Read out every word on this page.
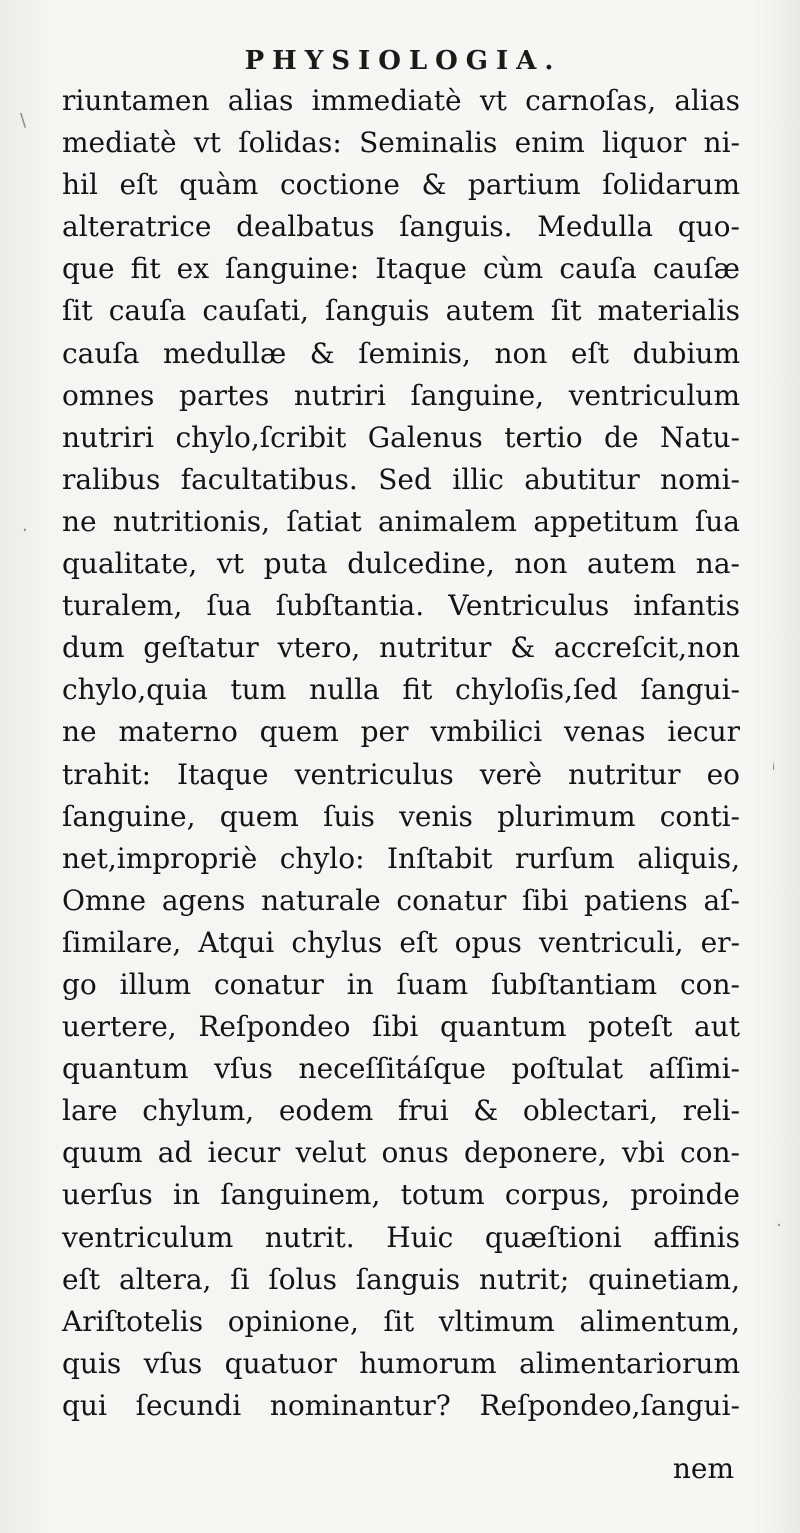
PHYSIOLOGIA.
riuntamen alias immediatè vt carnoſas, alias
mediatè vt ſolidas: Seminalis enim liquor ni-
hil eſt quàm coctione & partium ſolidarum
alteratrice dealbatus ſanguis. Medulla quo-
que fit ex ſanguine: Itaque cùm cauſa cauſæ
ſit cauſa cauſati, ſanguis autem ſit materialis
cauſa medullæ & ſeminis, non eſt dubium
omnes partes nutriri ſanguine, ventriculum
nutriri chylo,ſcribit Galenus tertio de Natu-
ralibus facultatibus. Sed illic abutitur nomi-
ne nutritionis, ſatiat animalem appetitum ſua
qualitate, vt puta dulcedine, non autem na-
turalem, ſua ſubſtantia. Ventriculus infantis
dum geſtatur vtero, nutritur & accreſcit,non
chylo,quia tum nulla fit chyloſis,ſed ſangui-
ne materno quem per vmbilici venas iecur
trahit: Itaque ventriculus verè nutritur eo
ſanguine, quem ſuis venis plurimum conti-
net,impropriè chylo: Inſtabit rurſum aliquis,
Omne agens naturale conatur ſibi patiens aſ-
ſimilare, Atqui chylus eſt opus ventriculi, er-
go illum conatur in ſuam ſubſtantiam con-
uertere, Reſpondeo ſibi quantum poteſt aut
quantum vſus neceſſitáſque poſtulat aſſimi-
lare chylum, eodem frui & oblectari, reli-
quum ad iecur velut onus deponere, vbi con-
uerſus in ſanguinem, totum corpus, proinde
ventriculum nutrit. Huic quæſtioni affinis
eſt altera, ſi ſolus ſanguis nutrit; quinetiam,
Ariſtotelis opinione, ſit vltimum alimentum,
quis vſus quatuor humorum alimentariorum
qui ſecundi nominantur? Reſpondeo,ſangui-
nem
\
·
ⁱ
·
